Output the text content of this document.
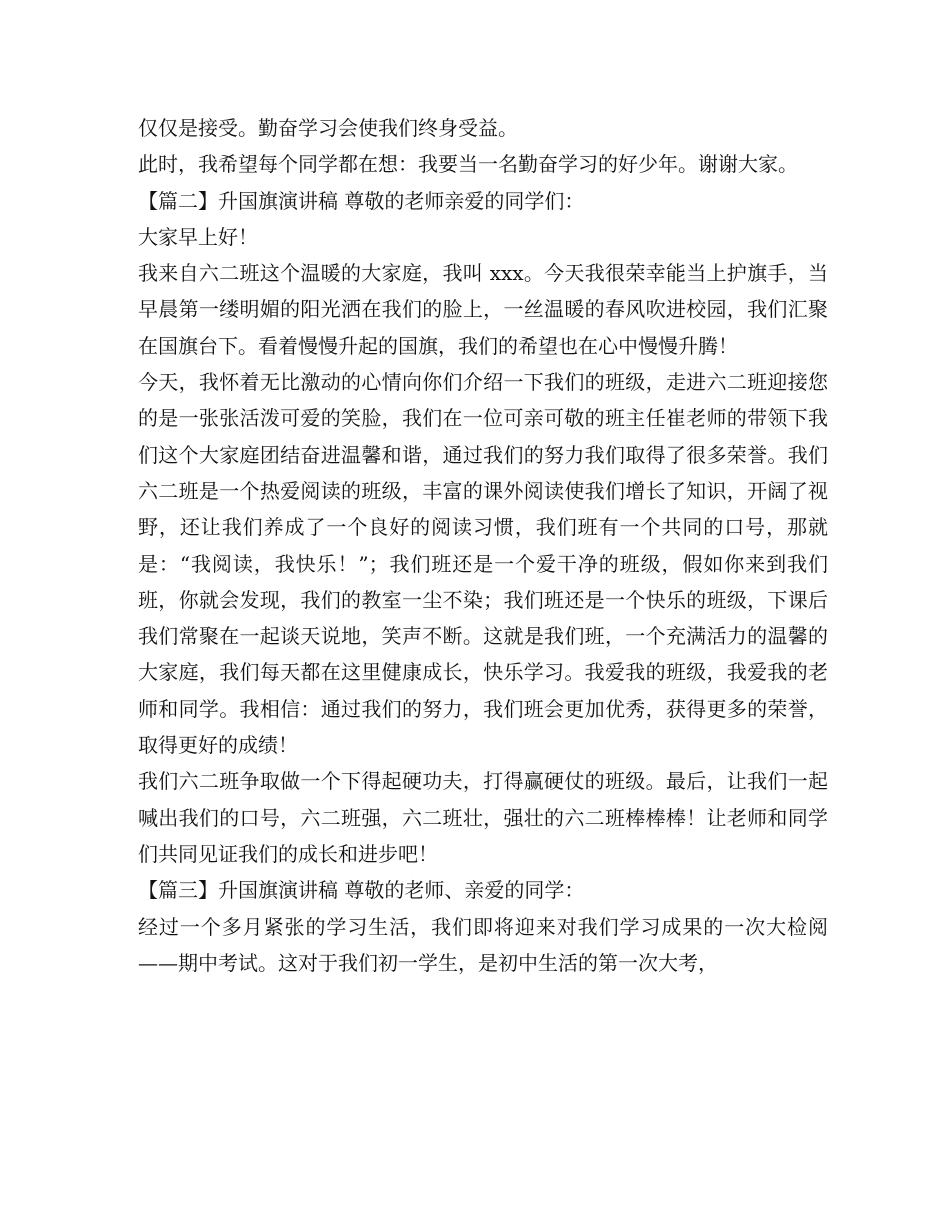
仅仅是接受。勤奋学习会使我们终身受益。

此时，我希望每个同学都在想：我要当一名勤奋学习的好少年。谢谢大家。

【篇二】升国旗演讲稿 尊敬的老师亲爱的同学们：

大家早上好！

我来自六二班这个温暖的大家庭，我叫 xxx。今天我很荣幸能当上护旗手，当早晨第一缕明媚的阳光洒在我们的脸上，一丝温暖的春风吹进校园，我们汇聚在国旗台下。看着慢慢升起的国旗，我们的希望也在心中慢慢升腾！

今天，我怀着无比激动的心情向你们介绍一下我们的班级，走进六二班迎接您的是一张张活泼可爱的笑脸，我们在一位可亲可敬的班主任崔老师的带领下我们这个大家庭团结奋进温馨和谐，通过我们的努力我们取得了很多荣誉。我们六二班是一个热爱阅读的班级，丰富的课外阅读使我们增长了知识，开阔了视野，还让我们养成了一个良好的阅读习惯，我们班有一个共同的口号，那就是：“我阅读，我快乐！”；我们班还是一个爱干净的班级，假如你来到我们班，你就会发现，我们的教室一尘不染；我们班还是一个快乐的班级，下课后我们常聚在一起谈天说地，笑声不断。这就是我们班，一个充满活力的温馨的大家庭，我们每天都在这里健康成长，快乐学习。我爱我的班级，我爱我的老师和同学。我相信：通过我们的努力，我们班会更加优秀，获得更多的荣誉，取得更好的成绩！

我们六二班争取做一个下得起硬功夫，打得赢硬仗的班级。最后，让我们一起喊出我们的口号，六二班强，六二班壮，强壮的六二班棒棒棒！让老师和同学们共同见证我们的成长和进步吧！

【篇三】升国旗演讲稿 尊敬的老师、亲爱的同学：

经过一个多月紧张的学习生活，我们即将迎来对我们学习成果的一次大检阅——期中考试。这对于我们初一学生，是初中生活的第一次大考，
